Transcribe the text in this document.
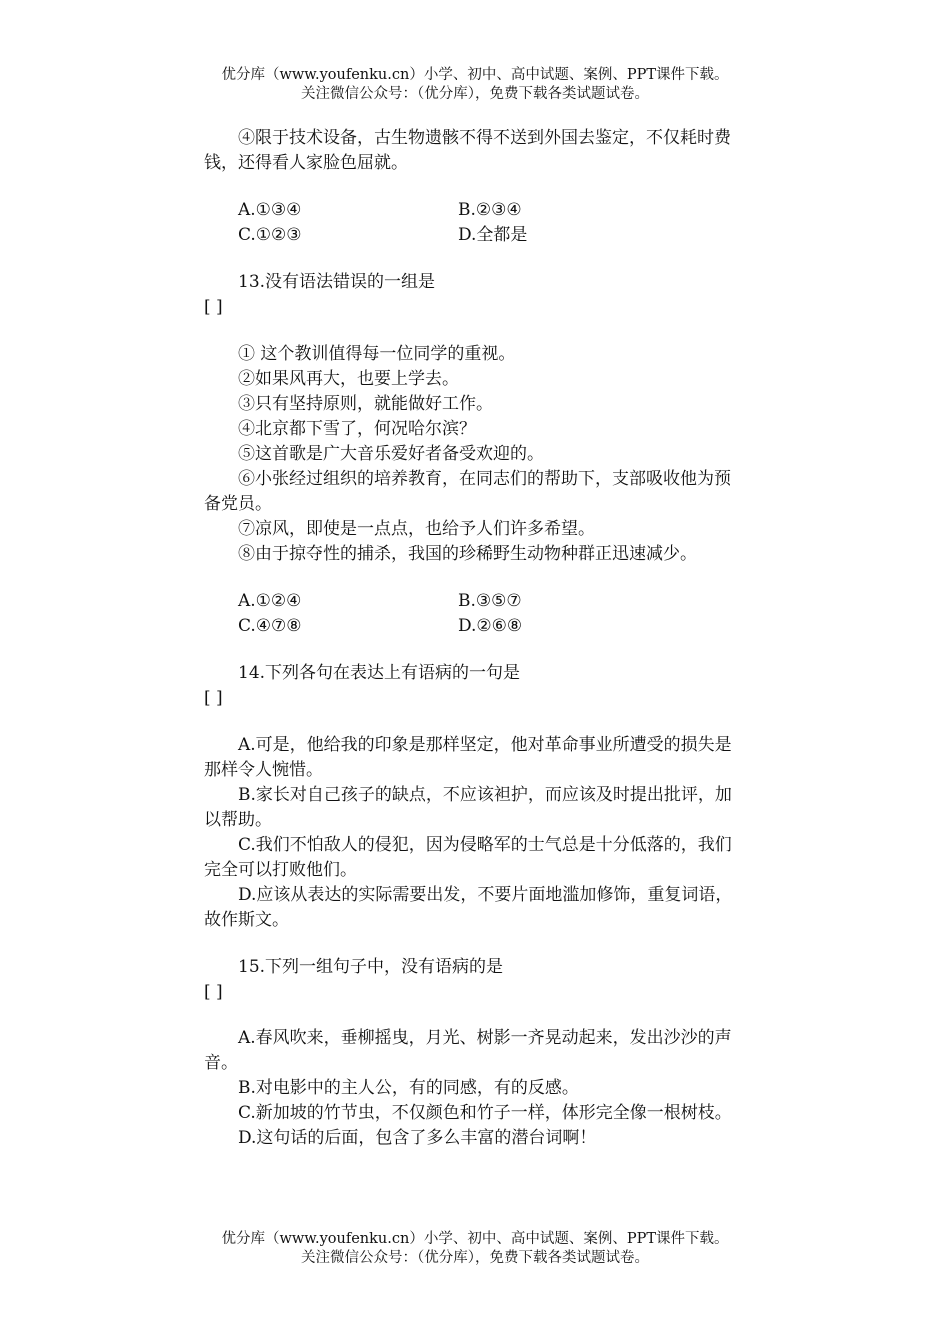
优分库（www.youfenku.cn）小学、初中、高中试题、案例、PPT课件下载。
关注微信公众号：（优分库），免费下载各类试题试卷。
④限于技术设备，古生物遗骸不得不送到外国去鉴定，不仅耗时费
钱，还得看人家脸色屈就。
A.①③④	B.②③④
C.①②③	D.全都是
13.没有语法错误的一组是
[ ]
① 这个教训值得每一位同学的重视。
②如果风再大，也要上学去。
③只有坚持原则，就能做好工作。
④北京都下雪了，何况哈尔滨？
⑤这首歌是广大音乐爱好者备受欢迎的。
⑥小张经过组织的培养教育，在同志们的帮助下，支部吸收他为预
备党员。
⑦凉风，即使是一点点，也给予人们许多希望。
⑧由于掠夺性的捕杀，我国的珍稀野生动物种群正迅速减少。
A.①②④	B.③⑤⑦
C.④⑦⑧	D.②⑥⑧
14.下列各句在表达上有语病的一句是
[ ]
A.可是，他给我的印象是那样坚定，他对革命事业所遭受的损失是
那样令人惋惜。
B.家长对自己孩子的缺点，不应该袒护，而应该及时提出批评，加
以帮助。
C.我们不怕敌人的侵犯，因为侵略军的士气总是十分低落的，我们
完全可以打败他们。
D.应该从表达的实际需要出发，不要片面地滥加修饰，重复词语，
故作斯文。
15.下列一组句子中，没有语病的是
[ ]
A.春风吹来，垂柳摇曳，月光、树影一齐晃动起来，发出沙沙的声
音。
B.对电影中的主人公，有的同感，有的反感。
C.新加坡的竹节虫，不仅颜色和竹子一样，体形完全像一根树枝。
D.这句话的后面，包含了多么丰富的潜台词啊！
优分库（www.youfenku.cn）小学、初中、高中试题、案例、PPT课件下载。
关注微信公众号：（优分库），免费下载各类试题试卷。
